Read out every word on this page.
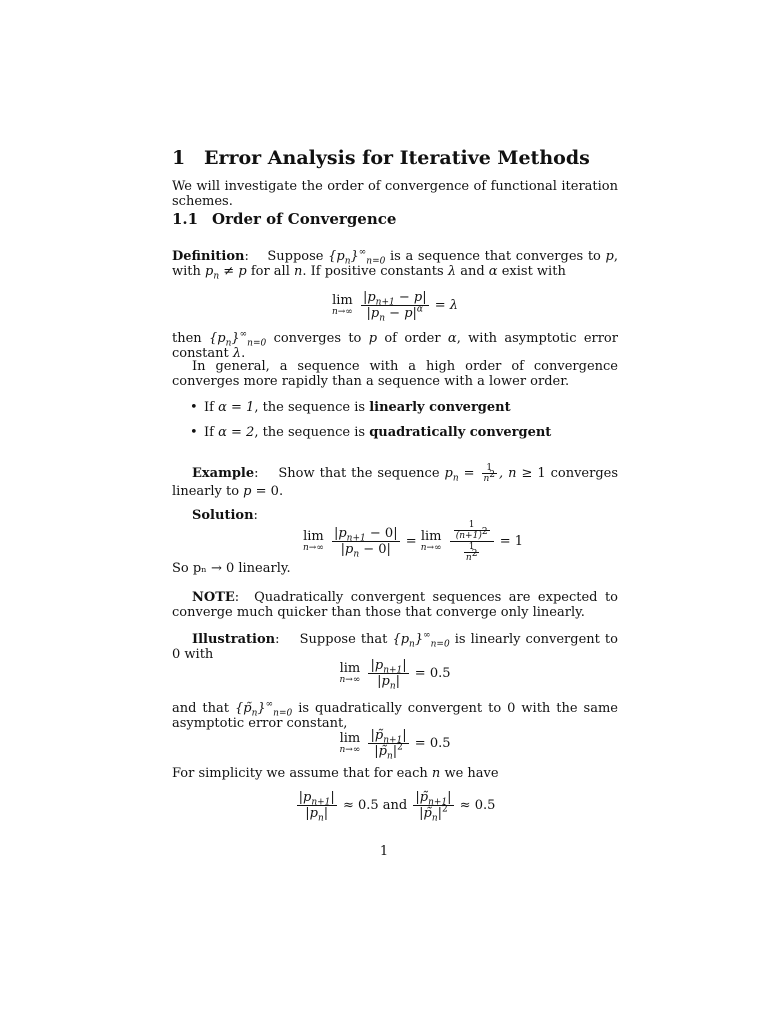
1 Error Analysis for Iterative Methods
We will investigate the order of convergence of functional iteration schemes.
1.1 Order of Convergence
Definition:    Suppose $\{p_n\}^\infty_{n=0}$ is a sequence that converges to p, with $p_n \ne p$ for all n. If positive constants λ and α exist with
lim
n→∞
$\frac{|p_{n+1} - p|}{|p_n - p|^\alpha} = \lambda$
then $\{p_n\}^\infty_{n=0}$ converges to p of order α, with asymptotic error constant λ.
In general, a sequence with a high order of convergence converges more rapidly than a sequence with a lower order.
• If α = 1, the sequence is linearly convergent
• If α = 2, the sequence is quadratically convergent
Example:    Show that the sequence $p_n = \frac{1}{n^2}$ , n ≥ 1 converges linearly to p = 0.
Solution:
lim
n→∞
$\frac{|p_{n+1} - 0|}{|p_n - 0|} = \lim$
n→∞
$\frac{\frac{1}{(n+1)^2}}{\frac{1}{n^2}} = 1$
So pₙ → 0 linearly.
NOTE:  Quadratically convergent sequences are expected to converge much quicker than those that converge only linearly.
Illustration:    Suppose that $\{p_n\}^\infty_{n=0}$ is linearly convergent to 0 with
lim
n→∞
$\frac{|p_{n+1}|}{|p_n|} = 0.5$
and that $\{p̃_n\}^\infty_{n=0}$ is quadratically convergent to 0 with the same asymptotic error constant,
lim
n→∞
$\frac{|p̃_{n+1}|}{|p̃_n|^2} = 0.5$
For simplicity we assume that for each n we have
$\frac{|p_{n+1}|}{|p_n|} \approx 0.5$ and $\frac{|p̃_{n+1}|}{|p̃_n|^2} \approx 0.5$
1
